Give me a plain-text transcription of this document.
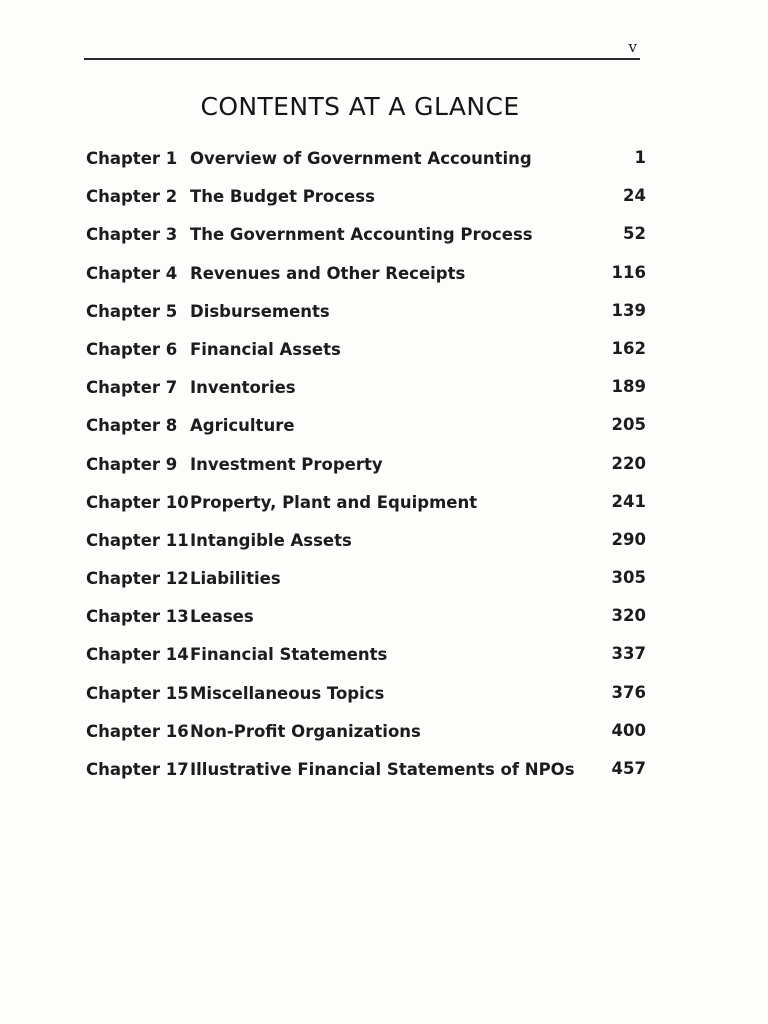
v
CONTENTS AT A GLANCE
Chapter 1 Overview of Government Accounting	1
Chapter 2 The Budget Process	24
Chapter 3 The Government Accounting Process	52
Chapter 4 Revenues and Other Receipts	116
Chapter 5 Disbursements	139
Chapter 6 Financial Assets	162
Chapter 7 Inventories	189
Chapter 8 Agriculture	205
Chapter 9 Investment Property	220
Chapter 10 Property, Plant and Equipment	241
Chapter 11 Intangible Assets	290
Chapter 12 Liabilities	305
Chapter 13 Leases	320
Chapter 14 Financial Statements	337
Chapter 15 Miscellaneous Topics	376
Chapter 16 Non-Profit Organizations	400
Chapter 17 Illustrative Financial Statements of NPOs 457
